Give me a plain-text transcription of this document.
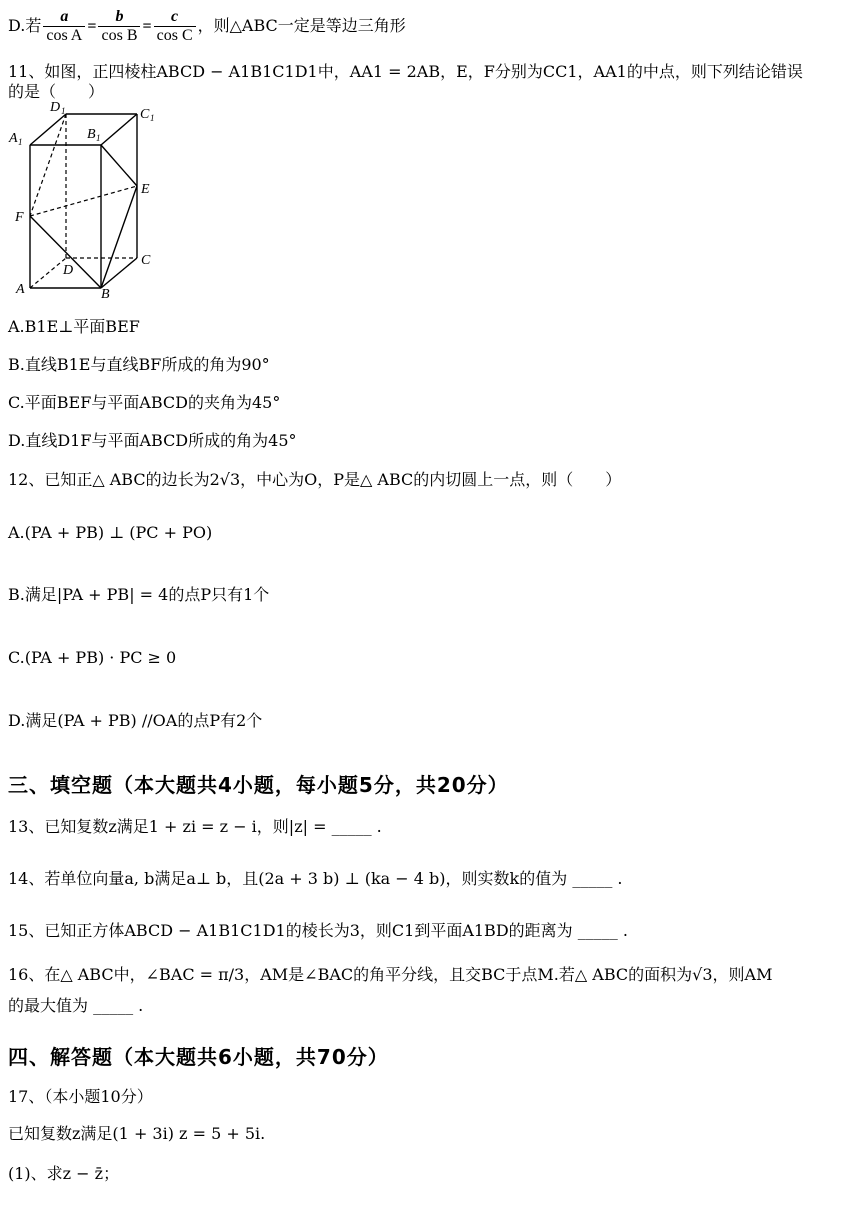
D.若 $\frac{a}{\text{cos A}} = \frac{b}{\text{cos B}} = \frac{c}{\text{cos C}}$ ，则△ABC一定是等边三角形
11、如图，正四棱柱ABCD − A1B1C1D1中，AA1 = 2AB，E，F分别为CC1，AA1的中点，则下列结论错误
的是（　　）
D 1	C 1
A 1	B 1
E
F
D
C
A	B
A.B1E⊥平面BEF
B.直线B1E与直线BF所成的角为90°
C.平面BEF与平面ABCD的夹角为45°
D.直线D1F与平面ABCD所成的角为45°
12、已知正△ ABC的边长为2√3，中心为O，P是△ ABC的内切圆上一点，则（　　）
A.(PA + PB) ⊥ (PC + PO)
B.满足|PA + PB| = 4的点P只有1个
C.(PA + PB) · PC ≥ 0
D.满足(PA + PB) //OA的点P有2个
三、填空题（本大题共4小题，每小题5分，共20分）
13、已知复数z满足1 + zi = z − i，则|z| = _____ .
14、若单位向量a, b满足a⊥ b，且(2a + 3 b) ⊥ (ka − 4 b)，则实数k的值为 _____ .
15、已知正方体ABCD − A1B1C1D1的棱长为3，则C1到平面A1BD的距离为 _____ .
16、在△ ABC中，∠BAC = π/3，AM是∠BAC的角平分线，且交BC于点M.若△ ABC的面积为√3，则AM
的最大值为 _____ .
四、解答题（本大题共6小题，共70分）
17、（本小题10分）
已知复数z满足(1 + 3i) z = 5 + 5i.
(1)、求z − z̄；
